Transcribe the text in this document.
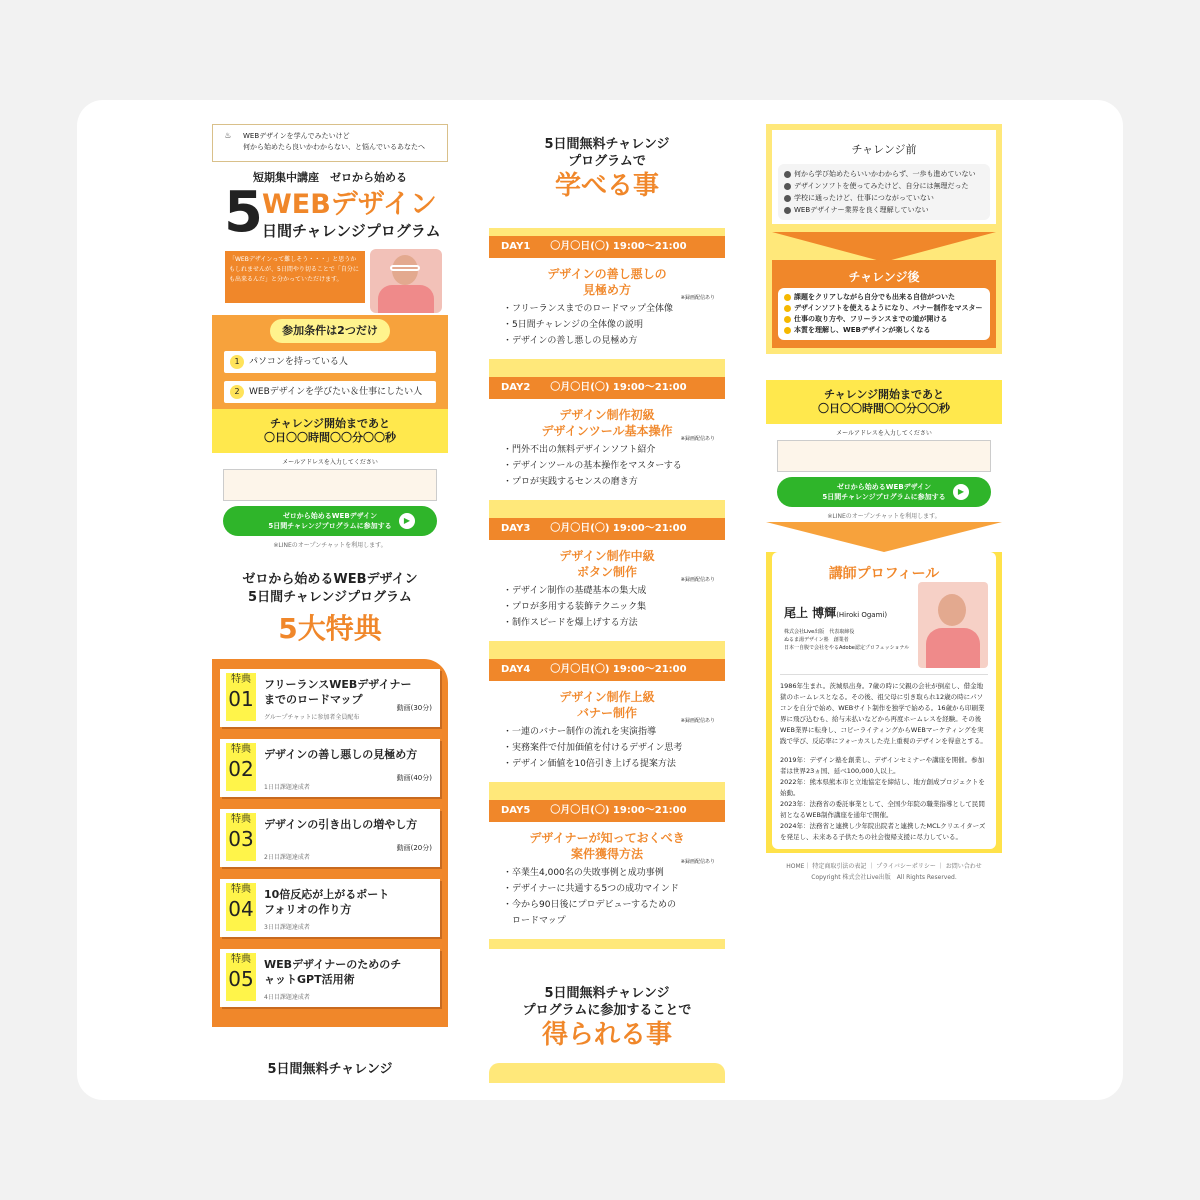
♨	WEBデザインを学んでみたいけど
何から始めたら良いかわからない、と悩んでいるあなたへ
短期集中講座　ゼロから始める
5 WEBデザイン
日間チャレンジプログラム
「WEBデザインって難しそう・・・」と思うかもしれませんが、5日間やり切ることで「自分にも出来るんだ」と分かっていただけます。
参加条件は2つだけ
1 パソコンを持っている人
2 WEBデザインを学びたい＆仕事にしたい人
チャレンジ開始まであと
〇日〇〇時間〇〇分〇〇秒
メールアドレスを入力してください
ゼロから始めるWEBデザイン
5日間チャレンジプログラムに参加する
▶
※LINEのオープンチャットを利用します。
ゼロから始めるWEBデザイン
5日間チャレンジプログラム
5大特典
特典
01
フリーランスWEBデザイナーまでのロードマップ
グループチャットに参加者全員配布
動画(30分)
特典
02
デザインの善し悪しの見極め方
1日目課題達成者
動画(40分)
特典
03
デザインの引き出しの増やし方
2日目課題達成者
動画(20分)
特典
04
10倍反応が上がるポートフォリオの作り方
3日目課題達成者
特典
05
WEBデザイナーのためのチャットGPT活用術
4日目課題達成者
5日間無料チャレンジ
5日間無料チャレンジ
プログラムで
学べる事
DAY1 〇月〇日(〇) 19:00〜21:00
デザインの善し悪しの
見極め方
※録画配信あり
・フリーランスまでのロードマップ全体像
・5日間チャレンジの全体像の説明
・デザインの善し悪しの見極め方
DAY2 〇月〇日(〇) 19:00〜21:00
デザイン制作初級
デザインツール基本操作
※録画配信あり
・門外不出の無料デザインソフト紹介
・デザインツールの基本操作をマスターする
・プロが実践するセンスの磨き方
DAY3 〇月〇日(〇) 19:00〜21:00
デザイン制作中級
ボタン制作
※録画配信あり
・デザイン制作の基礎基本の集大成
・プロが多用する装飾テクニック集
・制作スピードを爆上げする方法
DAY4 〇月〇日(〇) 19:00〜21:00
デザイン制作上級
バナー制作
※録画配信あり
・一連のバナー制作の流れを実演指導
・実務案件で付加価値を付けるデザイン思考
・デザイン価値を10倍引き上げる提案方法
DAY5 〇月〇日(〇) 19:00〜21:00
デザイナーが知っておくべき
案件獲得方法
※録画配信あり
・卒業生4,000名の失敗事例と成功事例
・デザイナーに共通する5つの成功マインド
・今から90日後にプロデビューするための
　ロードマップ
5日間無料チャレンジ
プログラムに参加することで
得られる事
チャレンジ前
何から学び始めたらいいかわからず、一歩も進めていない
デザインソフトを使ってみたけど、自分には無理だった
学校に通ったけど、仕事につながっていない
WEBデザイナー業界を良く理解していない
チャレンジ後
課題をクリアしながら自分でも出来る自信がついた
デザインソフトを使えるようになり、バナー制作をマスター
仕事の取り方や、フリーランスまでの道が開ける
本質を理解し、WEBデザインが楽しくなる
チャレンジ開始まであと
〇日〇〇時間〇〇分〇〇秒
メールアドレスを入力してください
ゼロから始めるWEBデザイン
5日間チャレンジプログラムに参加する
▶
※LINEのオープンチャットを利用します。
講師プロフィール
尾上 博輝(Hiroki Ogami)
株式会社Live出版　代表取締役
ぬるま湯デザイン塾　創業者
日本一自腹で会社をやるAdobe認定プロフェッショナル
1986年生まれ。茨城県出身。7歳の時に父親の会社が倒産し、借金地獄のホームレスとなる。その後、祖父母に引き取られ12歳の時にパソコンを自分で始め、WEBサイト制作を独学で始める。16歳から印刷業界に飛び込むも、給与未払いなどから再度ホームレスを経験。その後WEB業界に転身し、コピーライティングからWEBマーケティングを実践で学び、反応率にフォーカスした売上重視のデザインを得意とする。
2019年：デザイン塾を創業し、デザインセミナーや講座を開催。参加者は世界23ヵ国、延べ100,000人以上。
2022年：熊本県熊本市と立地協定を締結し、地方創成プロジェクトを始動。
2023年：法務省の委託事業として、全国少年院の職業指導として民間初となるWEB制作講座を通年で開催。
2024年：法務省と連携し少年院出院者と連携したMCLクリエイターズを発足し、未来ある子供たちの社会復帰支援に尽力している。
HOME｜ 特定商取引法の表記 ｜ プライバシーポリシー ｜ お問い合わせ
Copyright 株式会社Live出版　All Rights Reserved.
